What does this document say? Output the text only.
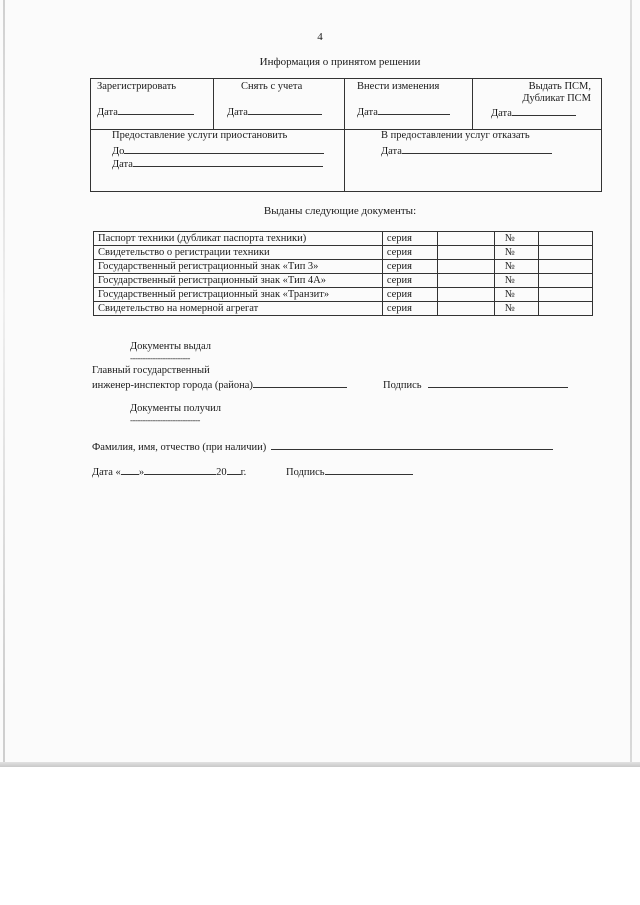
4
Информация о принятом решении
Зарегистрировать
Дата
Снять с учета
Дата
Внести изменения
Дата
Выдать ПСМ,
Дубликат ПСМ
Дата
Предоставление услуги приостановить
До
Дата
В предоставлении услуг отказать
Дата
Выданы следующие документы:
Паспорт техники (дубликат паспорта техники)	серия		№	
Свидетельство о регистрации техники	серия		№	
Государственный регистрационный знак «Тип 3»	серия		№	
Государственный регистрационный знак «Тип 4А»	серия		№	
Государственный регистрационный знак «Транзит»	серия		№	
Свидетельство на номерной агрегат	серия		№	
Документы выдал
------------------------
Главный государственный
инженер-инспектор города (района)	Подпись
Документы получил
----------------------------
Фамилия, имя, отчество (при наличии)
Дата « »	20 г.	Подпись
